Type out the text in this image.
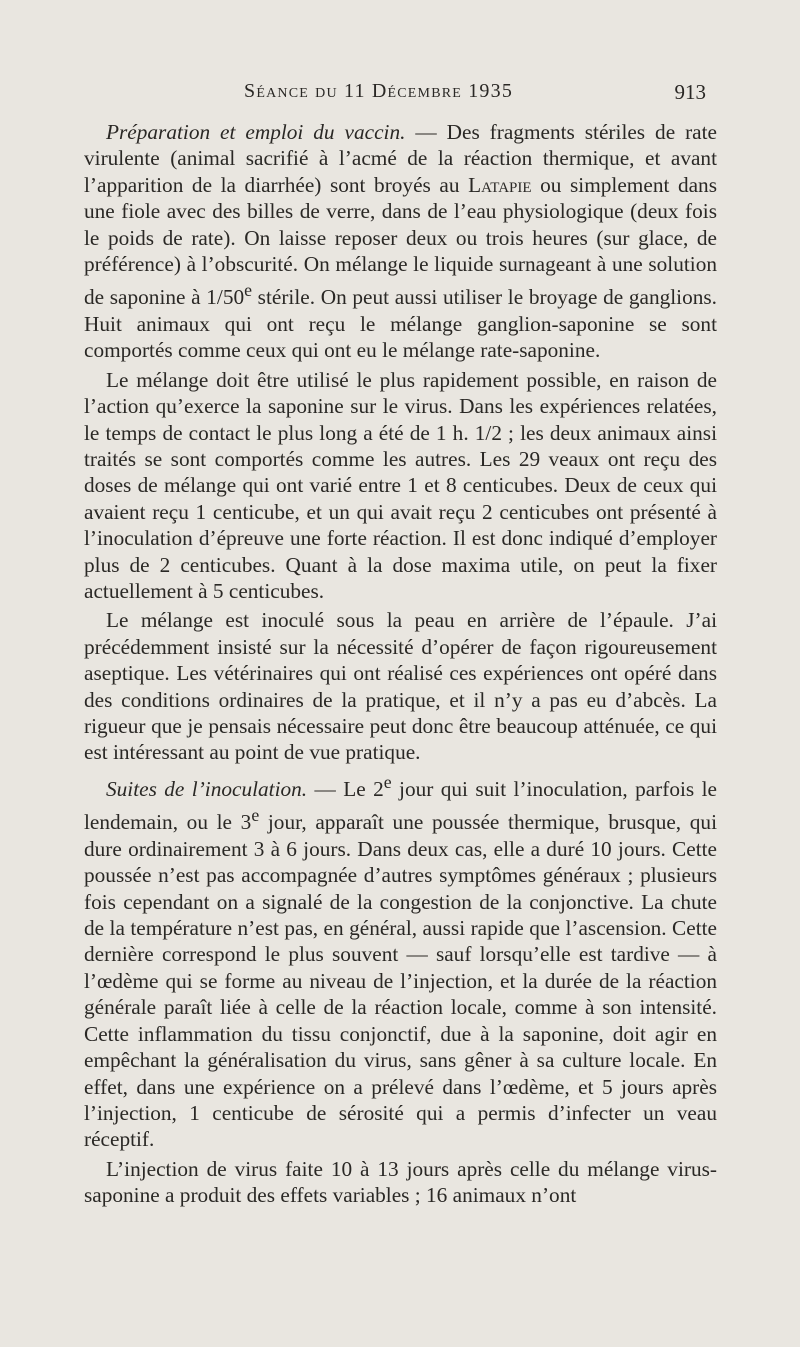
Séance du 11 Décembre 1935	913

Préparation et emploi du vaccin. — Des fragments stériles de rate virulente (animal sacrifié à l’acmé de la réaction thermique, et avant l’apparition de la diarrhée) sont broyés au Latapie ou simplement dans une fiole avec des billes de verre, dans de l’eau physiologique (deux fois le poids de rate). On laisse reposer deux ou trois heures (sur glace, de préférence) à l’obscurité. On mélange le liquide surnageant à une solution de saponine à 1/50e stérile. On peut aussi utiliser le broyage de ganglions. Huit animaux qui ont reçu le mélange ganglion-saponine se sont comportés comme ceux qui ont eu le mélange rate-saponine.

Le mélange doit être utilisé le plus rapidement possible, en raison de l’action qu’exerce la saponine sur le virus. Dans les expériences relatées, le temps de contact le plus long a été de 1 h. 1/2 ; les deux animaux ainsi traités se sont comportés comme les autres. Les 29 veaux ont reçu des doses de mélange qui ont varié entre 1 et 8 centicubes. Deux de ceux qui avaient reçu 1 centicube, et un qui avait reçu 2 centicubes ont présenté à l’inoculation d’épreuve une forte réaction. Il est donc indiqué d’employer plus de 2 centicubes. Quant à la dose maxima utile, on peut la fixer actuellement à 5 centicubes.

Le mélange est inoculé sous la peau en arrière de l’épaule. J’ai précédemment insisté sur la nécessité d’opérer de façon rigoureusement aseptique. Les vétérinaires qui ont réalisé ces expériences ont opéré dans des conditions ordinaires de la pratique, et il n’y a pas eu d’abcès. La rigueur que je pensais nécessaire peut donc être beaucoup atténuée, ce qui est intéressant au point de vue pratique.

Suites de l’inoculation. — Le 2e jour qui suit l’inoculation, parfois le lendemain, ou le 3e jour, apparaît une poussée thermique, brusque, qui dure ordinairement 3 à 6 jours. Dans deux cas, elle a duré 10 jours. Cette poussée n’est pas accompagnée d’autres symptômes généraux ; plusieurs fois cependant on a signalé de la congestion de la conjonctive. La chute de la température n’est pas, en général, aussi rapide que l’ascension. Cette dernière correspond le plus souvent — sauf lorsqu’elle est tardive — à l’œdème qui se forme au niveau de l’injection, et la durée de la réaction générale paraît liée à celle de la réaction locale, comme à son intensité. Cette inflammation du tissu conjonctif, due à la saponine, doit agir en empêchant la généralisation du virus, sans gêner à sa culture locale. En effet, dans une expérience on a prélevé dans l’œdème, et 5 jours après l’injection, 1 centicube de sérosité qui a permis d’infecter un veau réceptif.

L’injection de virus faite 10 à 13 jours après celle du mélange virus-saponine a produit des effets variables ; 16 animaux n’ont
